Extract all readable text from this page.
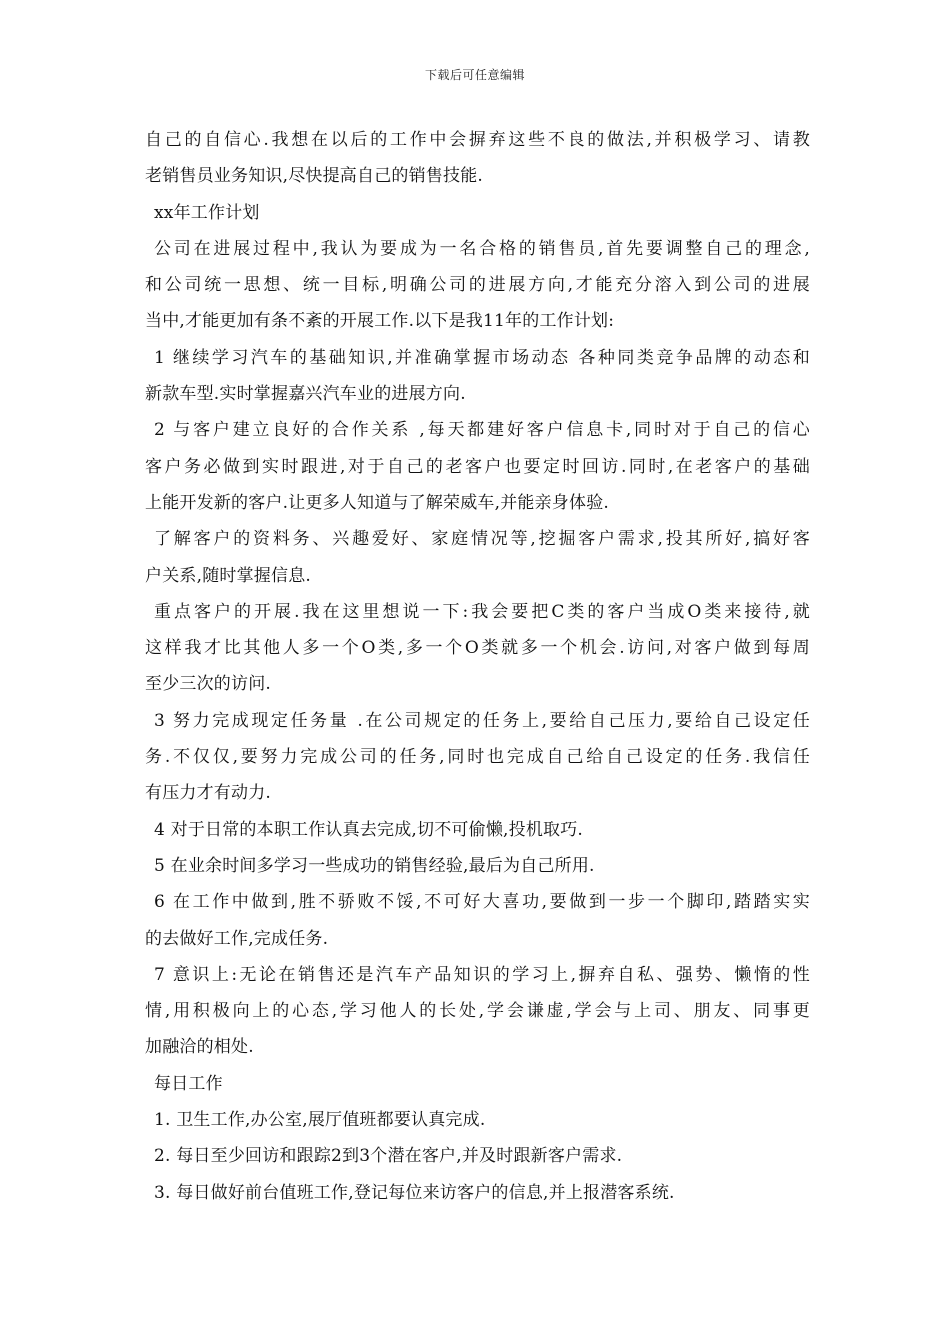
下载后可任意编辑
自己的自信心.我想在以后的工作中会摒弃这些不良的做法,并积极学习、请教
老销售员业务知识,尽快提高自己的销售技能.
xx年工作计划
公司在进展过程中,我认为要成为一名合格的销售员,首先要调整自己的理念,
和公司统一思想、统一目标,明确公司的进展方向,才能充分溶入到公司的进展
当中,才能更加有条不紊的开展工作.以下是我11年的工作计划:
1 继续学习汽车的基础知识,并准确掌握市场动态 各种同类竞争品牌的动态和
新款车型.实时掌握嘉兴汽车业的进展方向.
2 与客户建立良好的合作关系 ,每天都建好客户信息卡,同时对于自己的信心
客户务必做到实时跟进,对于自己的老客户也要定时回访.同时,在老客户的基础
上能开发新的客户.让更多人知道与了解荣威车,并能亲身体验.
了解客户的资料务、兴趣爱好、家庭情况等,挖掘客户需求,投其所好,搞好客
户关系,随时掌握信息.
重点客户的开展.我在这里想说一下:我会要把C类的客户当成O类来接待,就
这样我才比其他人多一个O类,多一个O类就多一个机会.访问,对客户做到每周
至少三次的访问.
3 努力完成现定任务量 .在公司规定的任务上,要给自己压力,要给自己设定任
务.不仅仅,要努力完成公司的任务,同时也完成自己给自己设定的任务.我信任
有压力才有动力.
4 对于日常的本职工作认真去完成,切不可偷懒,投机取巧.
5 在业余时间多学习一些成功的销售经验,最后为自己所用.
6 在工作中做到,胜不骄败不馁,不可好大喜功,要做到一步一个脚印,踏踏实实
的去做好工作,完成任务.
7 意识上:无论在销售还是汽车产品知识的学习上,摒弃自私、强势、懒惰的性
情,用积极向上的心态,学习他人的长处,学会谦虚,学会与上司、朋友、同事更
加融洽的相处.
每日工作
1. 卫生工作,办公室,展厅值班都要认真完成.
2. 每日至少回访和跟踪2到3个潜在客户,并及时跟新客户需求.
3. 每日做好前台值班工作,登记每位来访客户的信息,并上报潜客系统.
